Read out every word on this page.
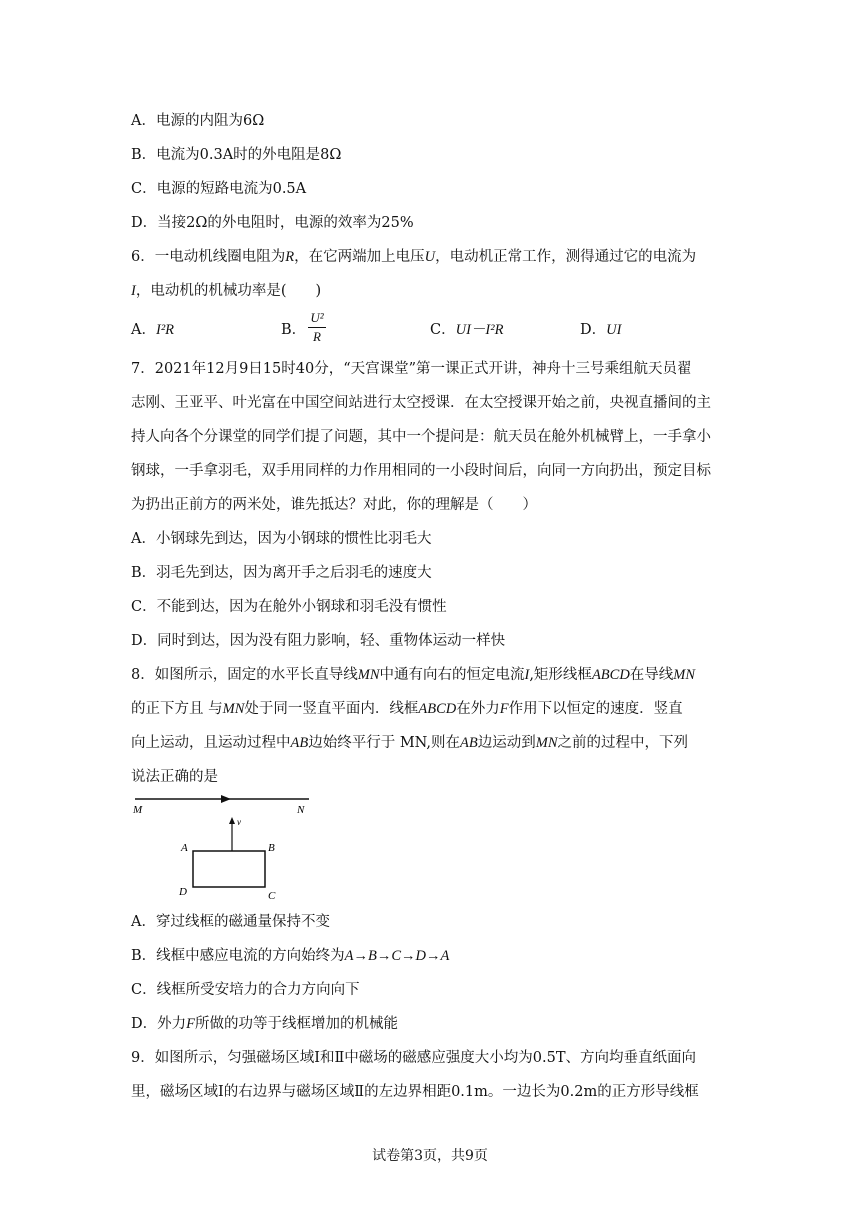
A．电源的内阻为6Ω
B．电流为0.3A时的外电阻是8Ω
C．电源的短路电流为0.5A
D．当接2Ω的外电阻时，电源的效率为25%
6．一电动机线圈电阻为R，在它两端加上电压U，电动机正常工作，测得通过它的电流为
I，电动机的机械功率是(　　)
A．I²R	B．
U²
R	C．UI－I²R	D．UI
7．2021年12月9日15时40分，“天宫课堂”第一课正式开讲，神舟十三号乘组航天员翟
志刚、王亚平、叶光富在中国空间站进行太空授课．在太空授课开始之前，央视直播间的主
持人向各个分课堂的同学们提了问题，其中一个提问是：航天员在舱外机械臂上，一手拿小
钢球，一手拿羽毛，双手用同样的力作用相同的一小段时间后，向同一方向扔出，预定目标
为扔出正前方的两米处，谁先抵达？对此，你的理解是（　　）
A．小钢球先到达，因为小钢球的惯性比羽毛大
B．羽毛先到达，因为离开手之后羽毛的速度大
C．不能到达，因为在舱外小钢球和羽毛没有惯性
D．同时到达，因为没有阻力影响，轻、重物体运动一样快
8．如图所示，固定的水平长直导线MN中通有向右的恒定电流I,矩形线框ABCD在导线MN
的正下方且 与MN处于同一竖直平面内．线框ABCD在外力F作用下以恒定的速度．竖直
向上运动，且运动过程中AB边始终平行于 MN,则在AB边运动到MN之前的过程中，下列
说法正确的是
M	N
v
A	B
C
D
A．穿过线框的磁通量保持不变
B．线框中感应电流的方向始终为A→B→C→D→A
C．线框所受安培力的合力方向向下
D．外力F所做的功等于线框增加的机械能
9．如图所示，匀强磁场区域Ⅰ和Ⅱ中磁场的磁感应强度大小均为0.5T、方向均垂直纸面向
里，磁场区域Ⅰ的右边界与磁场区域Ⅱ的左边界相距0.1m。一边长为0.2m的正方形导线框
试卷第3页，共9页
